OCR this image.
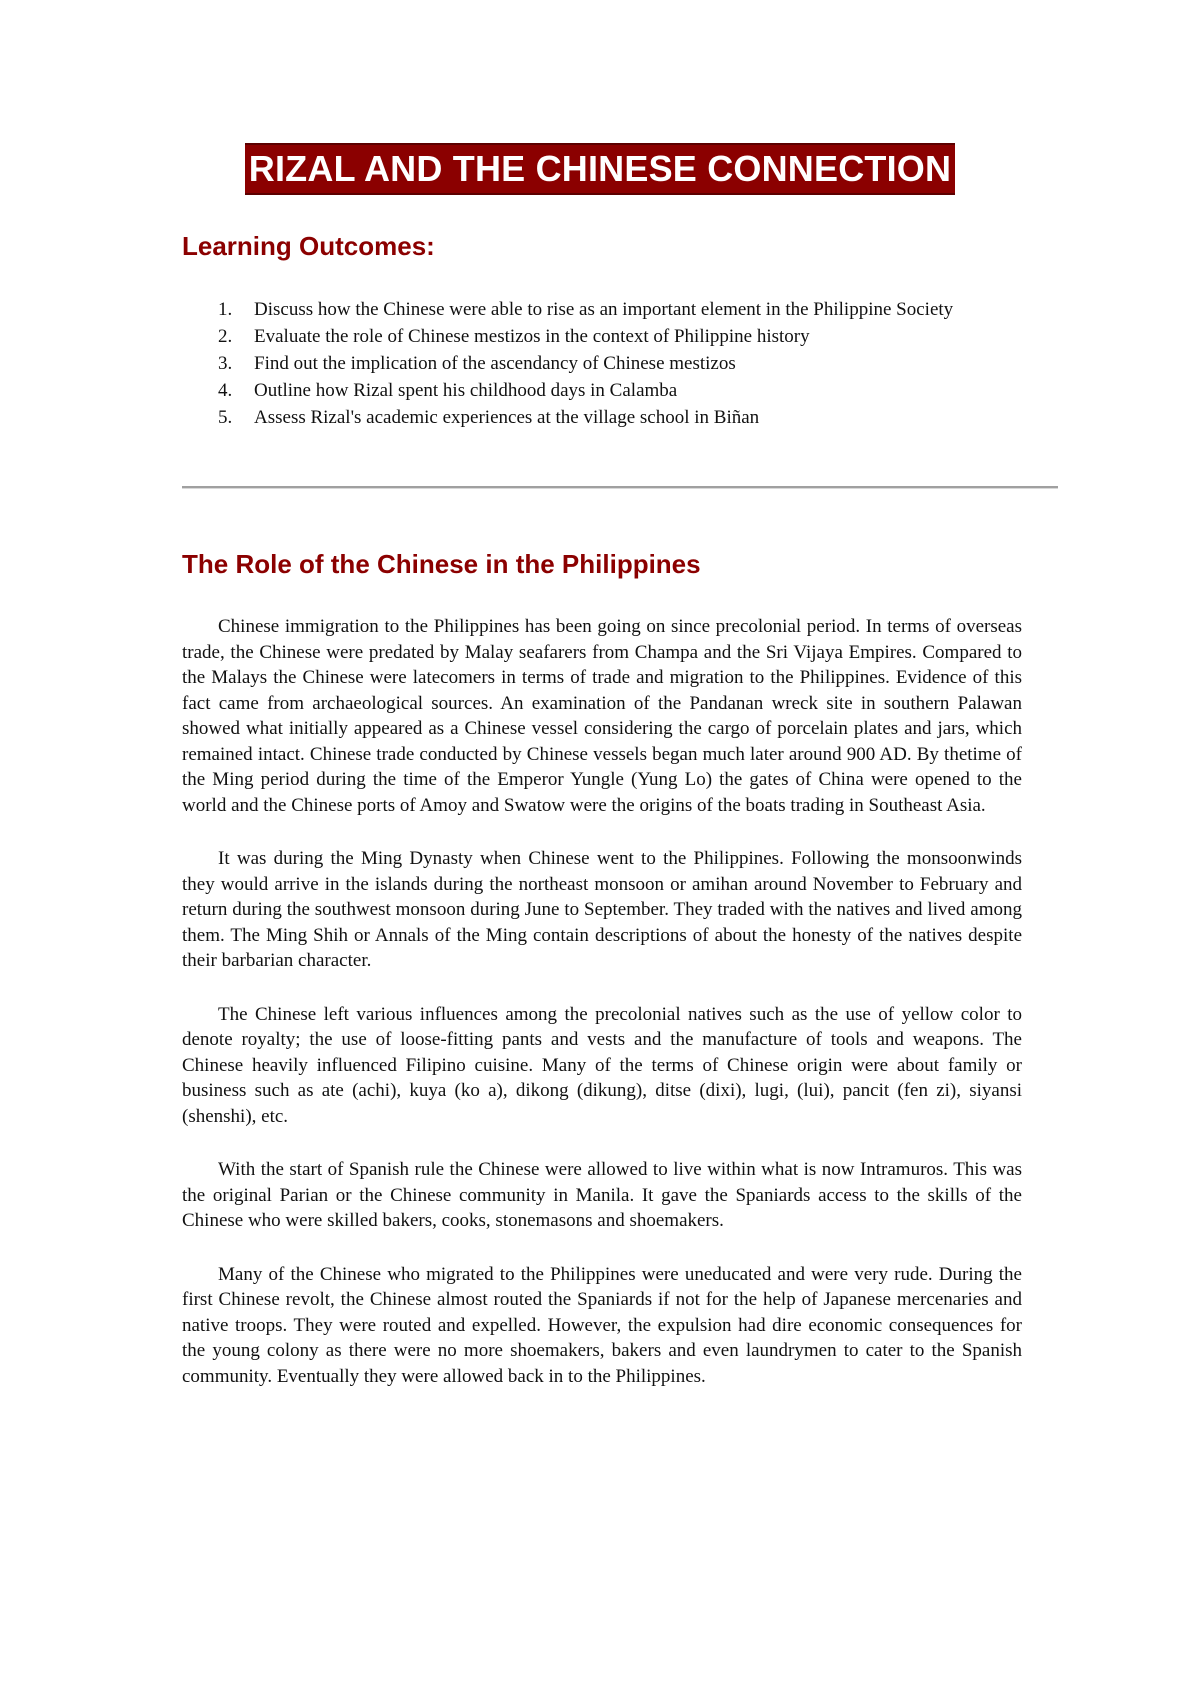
RIZAL AND THE CHINESE CONNECTION
Learning Outcomes:
1. Discuss how the Chinese were able to rise as an important element in the Philippine Society
2. Evaluate the role of Chinese mestizos in the context of Philippine history
3. Find out the implication of the ascendancy of Chinese mestizos
4. Outline how Rizal spent his childhood days in Calamba
5. Assess Rizal's academic experiences at the village school in Biñan
The Role of the Chinese in the Philippines

Chinese immigration to the Philippines has been going on since precolonial period. In terms of overseas trade, the Chinese were predated by Malay seafarers from Champa and the Sri Vijaya Empires. Compared to the Malays the Chinese were latecomers in terms of trade and migration to the Philippines. Evidence of this fact came from archaeological sources. An examination of the Pandanan wreck site in southern Palawan showed what initially appeared as a Chinese vessel considering the cargo of porcelain plates and jars, which remained intact. Chinese trade conducted by Chinese vessels began much later around 900 AD. By thetime of the Ming period during the time of the Emperor Yungle (Yung Lo) the gates of China were opened to the world and the Chinese ports of Amoy and Swatow were the origins of the boats trading in Southeast Asia.

It was during the Ming Dynasty when Chinese went to the Philippines. Following the monsoonwinds they would arrive in the islands during the northeast monsoon or amihan around November to February and return during the southwest monsoon during June to September. They traded with the natives and lived among them. The Ming Shih or Annals of the Ming contain descriptions of about the honesty of the natives despite their barbarian character.

The Chinese left various influences among the precolonial natives such as the use of yellow color to denote royalty; the use of loose-fitting pants and vests and the manufacture of tools and weapons. The Chinese heavily influenced Filipino cuisine. Many of the terms of Chinese origin were about family or business such as ate (achi), kuya (ko a), dikong (dikung), ditse (dixi), lugi, (lui), pancit (fen zi), siyansi (shenshi), etc.

With the start of Spanish rule the Chinese were allowed to live within what is now Intramuros. This was the original Parian or the Chinese community in Manila. It gave the Spaniards access to the skills of the Chinese who were skilled bakers, cooks, stonemasons and shoemakers.

Many of the Chinese who migrated to the Philippines were uneducated and were very rude. During the first Chinese revolt, the Chinese almost routed the Spaniards if not for the help of Japanese mercenaries and native troops. They were routed and expelled. However, the expulsion had dire economic consequences for the young colony as there were no more shoemakers, bakers and even laundrymen to cater to the Spanish community. Eventually they were allowed back in to the Philippines.
